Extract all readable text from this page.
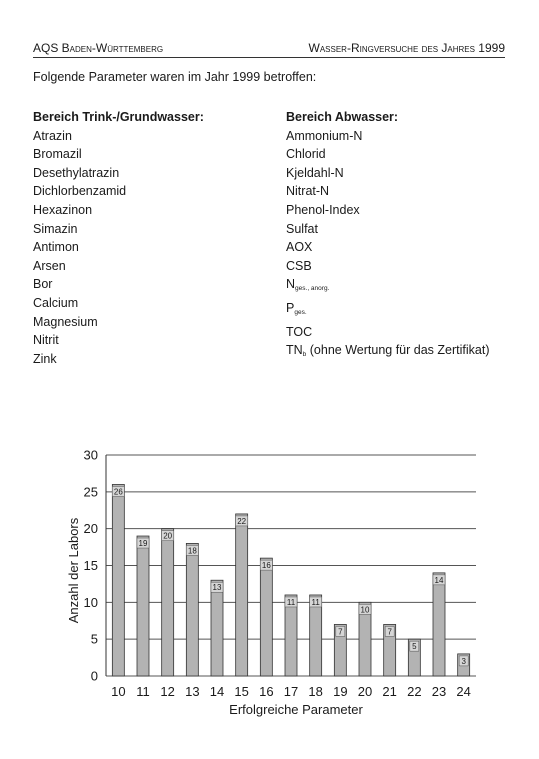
AQS Baden-Württemberg	Wasser-Ringversuche des Jahres 1999
Folgende Parameter waren im Jahr 1999 betroffen:
Bereich Trink-/Grundwasser:
Atrazin
Bromazil
Desethylatrazin
Dichlorbenzamid
Hexazinon
Simazin
Antimon
Arsen
Bor
Calcium
Magnesium
Nitrit
Zink
Bereich Abwasser:
Ammonium-N
Chlorid
Kjeldahl-N
Nitrat-N
Phenol-Index
Sulfat
AOX
CSB
$N_{ges., anorg.}$
$P_{ges.}$
TOC
$TN_b$ (ohne Wertung für das Zertifikat)
0
5
10
15
20
25
30
26
10
19
11
20
12
18
13
13
14
22
15
16
16
11
17
11
18
7
19
10
20
7
21
5
22
14
23
3
24
Erfolgreiche Parameter
Anzahl der Labors
